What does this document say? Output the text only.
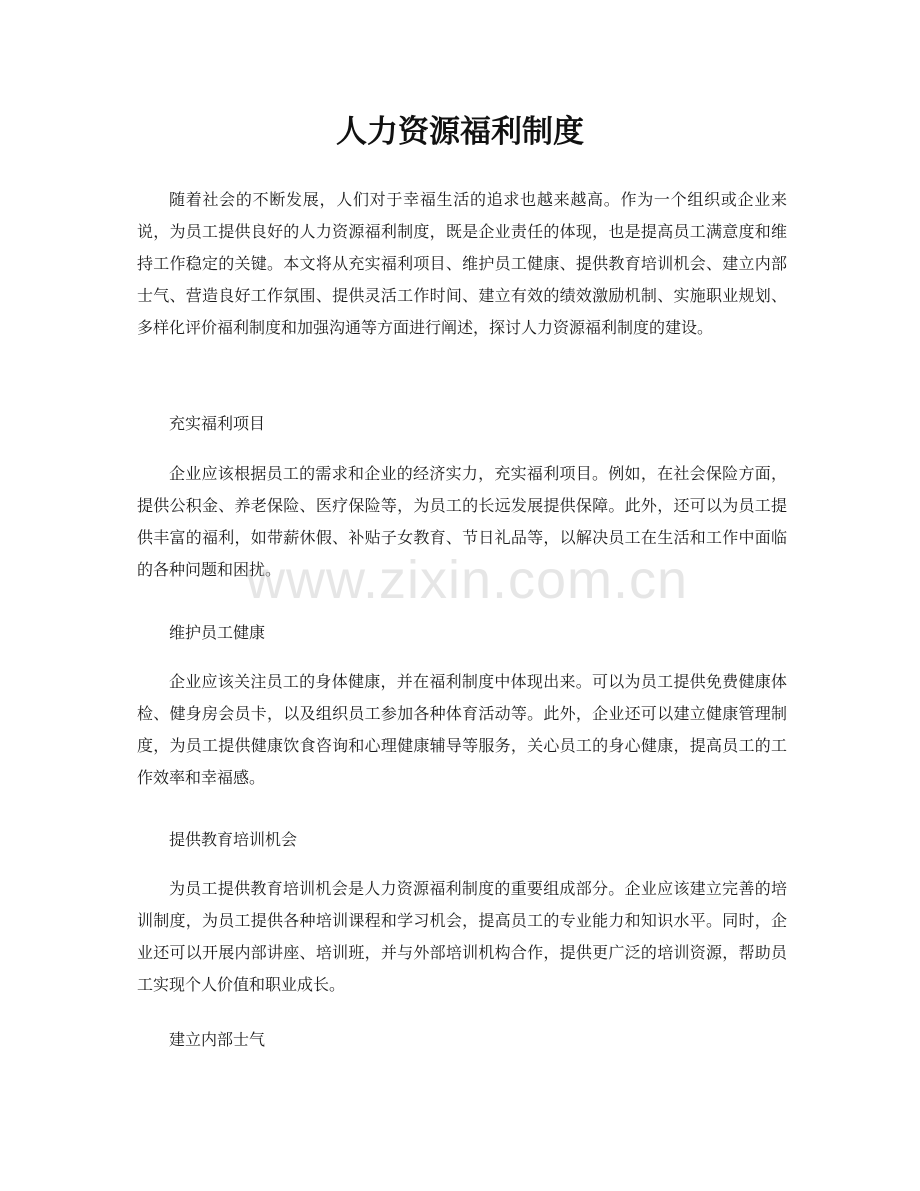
人力资源福利制度

随着社会的不断发展，人们对于幸福生活的追求也越来越高。作为一个组织或企业来说，为员工提供良好的人力资源福利制度，既是企业责任的体现，也是提高员工满意度和维持工作稳定的关键。本文将从充实福利项目、维护员工健康、提供教育培训机会、建立内部士气、营造良好工作氛围、提供灵活工作时间、建立有效的绩效激励机制、实施职业规划、多样化评价福利制度和加强沟通等方面进行阐述，探讨人力资源福利制度的建设。

充实福利项目

企业应该根据员工的需求和企业的经济实力，充实福利项目。例如，在社会保险方面，提供公积金、养老保险、医疗保险等，为员工的长远发展提供保障。此外，还可以为员工提供丰富的福利，如带薪休假、补贴子女教育、节日礼品等，以解决员工在生活和工作中面临的各种问题和困扰。

维护员工健康

企业应该关注员工的身体健康，并在福利制度中体现出来。可以为员工提供免费健康体检、健身房会员卡，以及组织员工参加各种体育活动等。此外，企业还可以建立健康管理制度，为员工提供健康饮食咨询和心理健康辅导等服务，关心员工的身心健康，提高员工的工作效率和幸福感。

提供教育培训机会

为员工提供教育培训机会是人力资源福利制度的重要组成部分。企业应该建立完善的培训制度，为员工提供各种培训课程和学习机会，提高员工的专业能力和知识水平。同时，企业还可以开展内部讲座、培训班，并与外部培训机构合作，提供更广泛的培训资源，帮助员工实现个人价值和职业成长。

建立内部士气

www.zixin.com.cn
